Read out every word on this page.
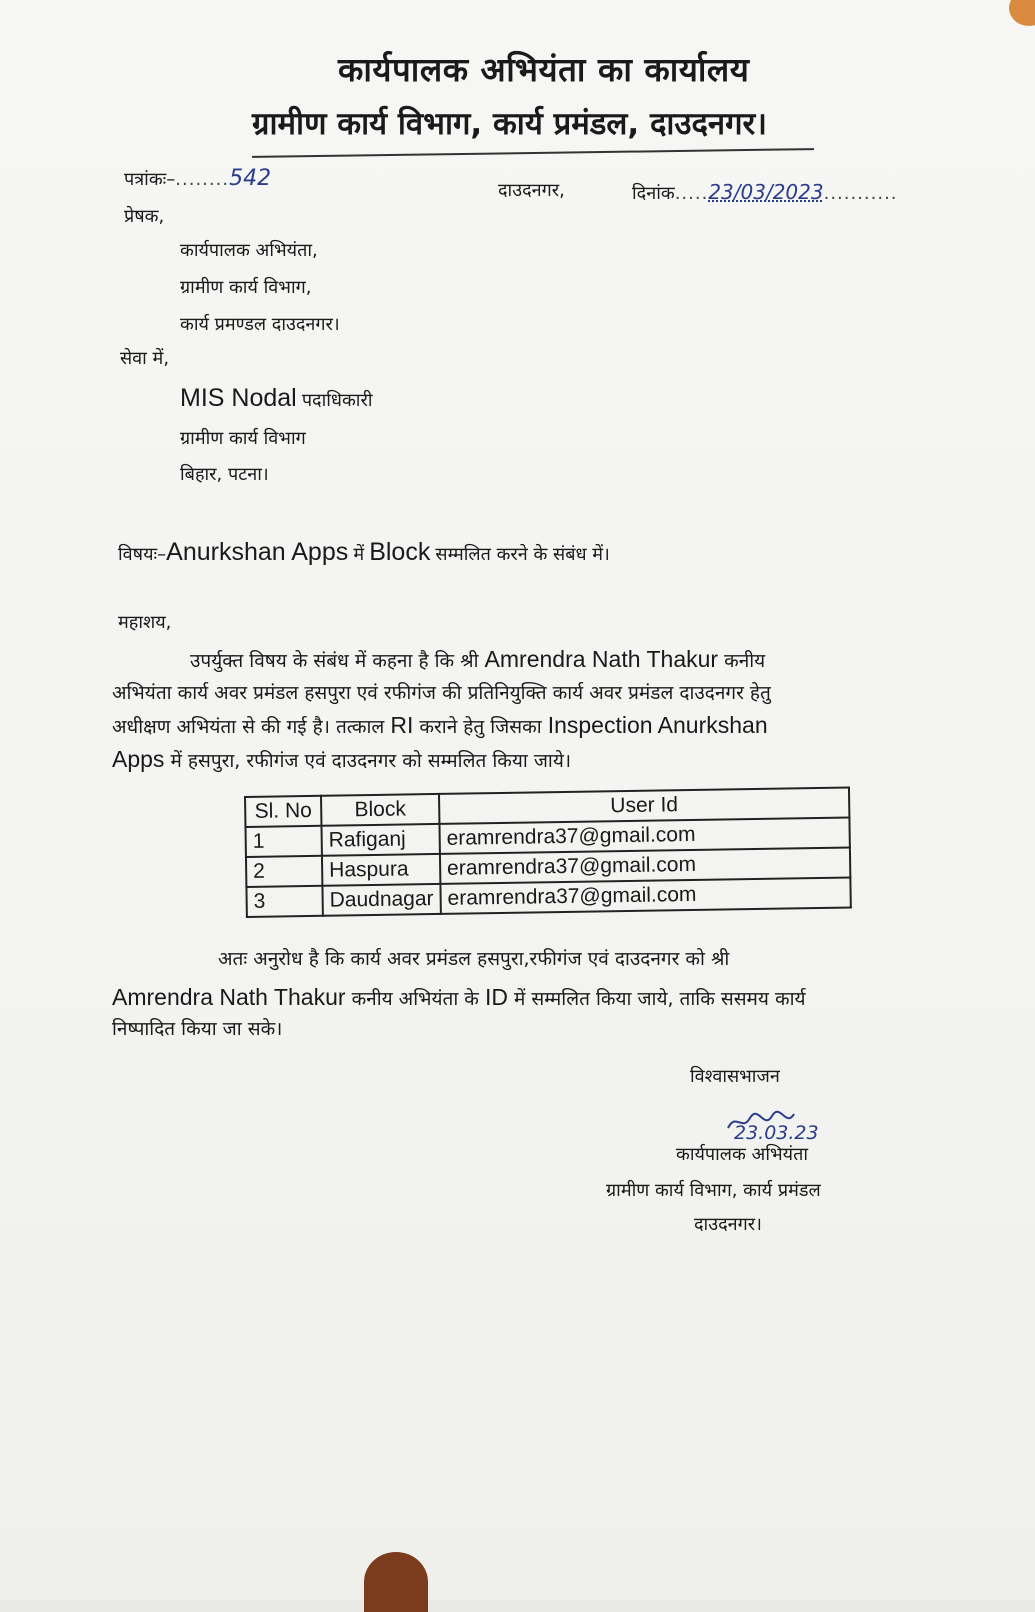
कार्यपालक अभियंता का कार्यालय
ग्रामीण कार्य विभाग, कार्य प्रमंडल, दाउदनगर।
पत्रांकः–........542	दाउदनगर,	दिनांक.....23/03/2023...........
प्रेषक,
कार्यपालक अभियंता,
ग्रामीण कार्य विभाग,
कार्य प्रमण्डल दाउदनगर।
सेवा में,
MIS Nodal पदाधिकारी
ग्रामीण कार्य विभाग
बिहार, पटना।
विषयः–Anurkshan Apps में Block सम्मलित करने के संबंध में।
महाशय,
उपर्युक्त विषय के संबंध में कहना है कि श्री Amrendra Nath Thakur कनीय
अभियंता कार्य अवर प्रमंडल हसपुरा एवं रफीगंज की प्रतिनियुक्ति कार्य अवर प्रमंडल दाउदनगर हेतु
अधीक्षण अभियंता से की गई है। तत्काल RI कराने हेतु जिसका Inspection Anurkshan
Apps में हसपुरा, रफीगंज एवं दाउदनगर को सम्मलित किया जाये।
Sl. No	Block	User Id
1	Rafiganj	eramrendra37@gmail.com
2	Haspura	eramrendra37@gmail.com
3	Daudnagar	eramrendra37@gmail.com
अतः अनुरोध है कि कार्य अवर प्रमंडल हसपुरा,रफीगंज एवं दाउदनगर को श्री
Amrendra Nath Thakur कनीय अभियंता के ID में सम्मलित किया जाये, ताकि ससमय कार्य
निष्पादित किया जा सके।
विश्वासभाजन
23.03.23
कार्यपालक अभियंता
ग्रामीण कार्य विभाग, कार्य प्रमंडल
दाउदनगर।
